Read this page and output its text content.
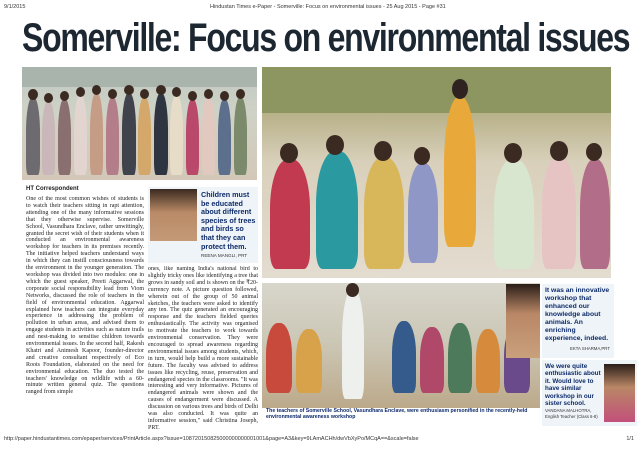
9/1/2015	Hindustan Times e-Paper - Somerville: Focus on environmental issues - 25 Aug 2015 - Page #31
Somerville: Focus on environmental issues
HT Correspondent
One of the most common wishes of students is to watch their teachers sitting in rapt attention, attending one of the many informative sessions that they otherwise supervise. Somerville School, Vasundhara Enclave, rather unwittingly, granted the secret wish of their students when it conducted an environmental awareness workshop for teachers in its premises recently. The initiative helped teachers understand ways in which they can instill consciousness towards the environment in the younger generation. The workshop was divided into two modules: one in which the guest speaker, Preeti Aggarwal, the corporate social responsibility lead from Viom Networks, discussed the role of teachers in the field of environmental education. Aggarwal explained how teachers can integrate everyday experience in addressing the problem of pollution in urban areas, and advised them to engage students in activities such as nature trails and nest-making to sensitise children towards environmental issues. In the second half, Rakesh Khatri and Animesh Kapoor, founder-director and creative consultant respectively of Eco Roots Foundation, elaborated on the need for environmental education. The duo tested the teachers' knowledge on wildlife with a 60-minute written general quiz. The questions ranged from simple
ones, like naming India's national bird to slightly tricky ones like identifying a tree that grows in sandy soil and is shown on the ₹20-currency note. A picture question followed, wherein out of the group of 50 animal sketches, the teachers were asked to identify any ten. The quiz generated an encouraging response and the teachers fielded queries enthusiastically. The activity was organised to motivate the teachers to work towards environmental conservation. They were encouraged to spread awareness regarding environmental issues among students, which, in turn, would help build a more sustainable future. The faculty was advised to address issues like recycling, reuse, preservation and endangered species in the classrooms. "It was interesting and very informative. Pictures of endangered animals were shown and the causes of endangerment were discussed. A discussion on various trees and birds of Delhi was also conducted. It was quite an informative session," said Christina Joseph, PRT.
Children must be educated about different species of trees and birds so that they can protect them.
REENA MANGLI, PRT
It was an innovative workshop that enhanced our knowledge about animals. An enriching experience, indeed.
EKTA SHARMA,PRT
We were quite enthusiastic about it. Would love to have similar workshop in our sister school.
VANDANA MALHOTRA,
English Teacher (Class 6-8)
The teachers of Somerville School, Vasundhara Enclave, were enthusiasm personified in the recently-held environmental awareness workshop
http://paper.hindustantimes.com/epaper/services/PrintArticle.aspx?issue=108720150825000000000001001&page=A3&key=9LAmACHh/dwVbXyPo/MCqA==&scale=false	1/1
